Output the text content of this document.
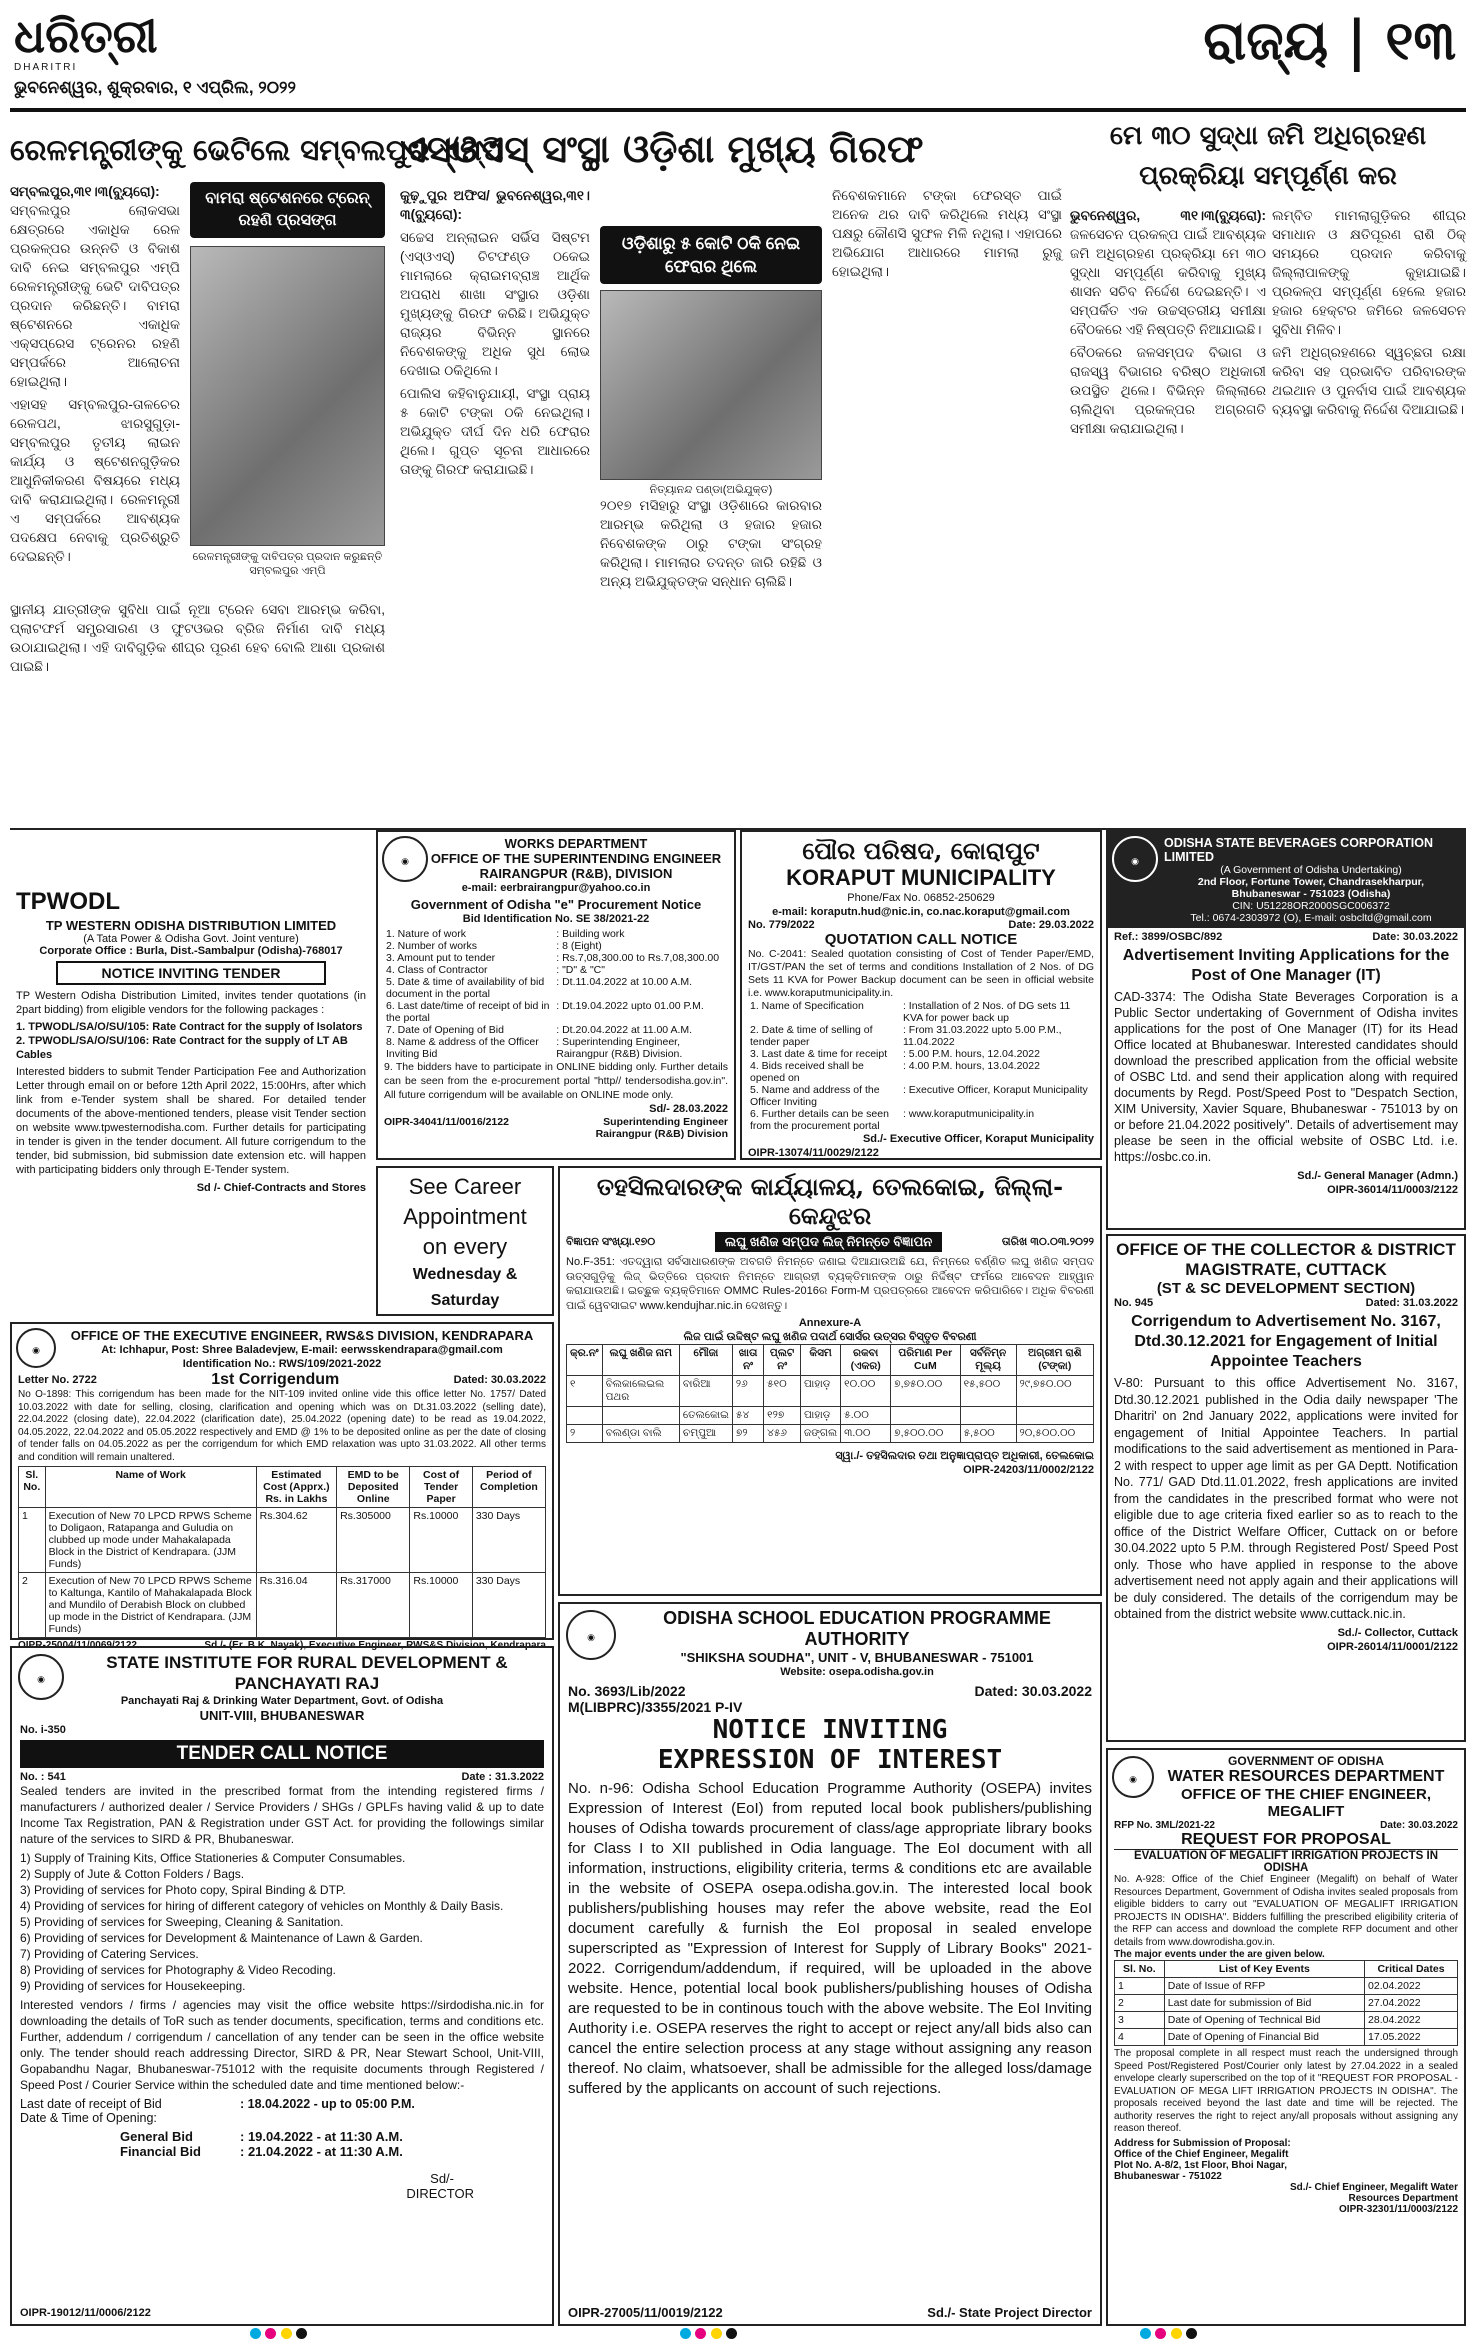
ଧରିତ୍ରୀ
DHARITRI
ଭୁବନେଶ୍ୱର, ଶୁକ୍ରବାର, ୧ ଏପ୍ରିଲ, ୨୦୨୨
ରାଜ୍ୟ | ୧୩
ରେଳମନ୍ତ୍ରୀଙ୍କୁ ଭେଟିଲେ ସମ୍ବଲପୁର ଏମ୍‌ପି

ସମ୍ବଲପୁର,୩୧।୩(ବ୍ୟୁରୋ): ସମ୍ବଲପୁର ଲୋକସଭା କ୍ଷେତ୍ରରେ ଏକାଧିକ ରେଳ ପ୍ରକଳ୍ପର ଉନ୍ନତି ଓ ବିକାଶ ଦାବି ନେଇ ସମ୍ବଲପୁର ଏମ୍‌ପି ରେଳମନ୍ତ୍ରୀଙ୍କୁ ଭେଟି ଦାବିପତ୍ର ପ୍ରଦାନ କରିଛନ୍ତି। ବାମରା ଷ୍ଟେଶନରେ ଏକାଧିକ ଏକ୍ସପ୍ରେସ ଟ୍ରେନର ରହଣି ସମ୍ପର୍କରେ ଆଲୋଚନା ହୋଇଥିଲା।

ଏହାସହ ସମ୍ବଲପୁର-ତାଳଚେର ରେଳପଥ, ଝାରସୁଗୁଡ଼ା-ସମ୍ବଲପୁର ତୃତୀୟ ଲାଇନ କାର୍ଯ୍ୟ ଓ ଷ୍ଟେଶନଗୁଡ଼ିକର ଆଧୁନିକୀକରଣ ବିଷୟରେ ମଧ୍ୟ ଦାବି କରାଯାଇଥିଲା। ରେଳମନ୍ତ୍ରୀ ଏ ସମ୍ପର୍କରେ ଆବଶ୍ୟକ ପଦକ୍ଷେପ ନେବାକୁ ପ୍ରତିଶ୍ରୁତି ଦେଇଛନ୍ତି।

ବାମରା ଷ୍ଟେଶନରେ ଟ୍ରେନ୍ ରହଣି ପ୍ରସଙ୍ଗ
ରେଳମନ୍ତ୍ରୀଙ୍କୁ ଦାବିପତ୍ର ପ୍ରଦାନ କରୁଛନ୍ତି ସମ୍ବଲପୁର ଏମ୍‌ପି

ସ୍ଥାନୀୟ ଯାତ୍ରୀଙ୍କ ସୁବିଧା ପାଇଁ ନୂଆ ଟ୍ରେନ ସେବା ଆରମ୍ଭ କରିବା, ପ୍ଲାଟଫର୍ମ ସମ୍ପ୍ରସାରଣ ଓ ଫୁଟଓଭର ବ୍ରିଜ ନିର୍ମାଣ ଦାବି ମଧ୍ୟ ଉଠାଯାଇଥିଲା। ଏହି ଦାବିଗୁଡ଼ିକ ଶୀଘ୍ର ପୂରଣ ହେବ ବୋଲି ଆଶା ପ୍ରକାଶ ପାଇଛି।

ଏସ୍‌ଓଏସ୍ ସଂସ୍ଥା ଓଡ଼ିଶା ମୁଖ୍ୟ ଗିରଫ

କୁଢ଼ୁପୁର ଅଫିସ/ ଭୁବନେଶ୍ୱର,୩୧।୩(ବ୍ୟୁରୋ):

ସଚ୍ଚେସ ଅନ୍ଲାଇନ ସର୍ଭିସ ସିଷ୍ଟମ (ଏସ୍‌ଓଏସ୍) ଚିଟଫଣ୍ଡ ଠକେଇ ମାମଲାରେ କ୍ରାଇମବ୍ରାଞ୍ଚ ଆର୍ଥିକ ଅପରାଧ ଶାଖା ସଂସ୍ଥାର ଓଡ଼ିଶା ମୁଖ୍ୟଙ୍କୁ ଗିରଫ କରିଛି। ଅଭିଯୁକ୍ତ ରାଜ୍ୟର ବିଭିନ୍ନ ସ୍ଥାନରେ ନିବେଶକଙ୍କୁ ଅଧିକ ସୁଧ ଲୋଭ ଦେଖାଇ ଠକିଥିଲେ।

ପୋଲିସ କହିବାନୁଯାୟୀ, ସଂସ୍ଥା ପ୍ରାୟ ୫ କୋଟି ଟଙ୍କା ଠକି ନେଇଥିଲା। ଅଭିଯୁକ୍ତ ଦୀର୍ଘ ଦିନ ଧରି ଫେରାର ଥିଲେ। ଗୁପ୍ତ ସୂଚନା ଆଧାରରେ ତାଙ୍କୁ ଗିରଫ କରାଯାଇଛି।

ଓଡ଼ିଶାରୁ ୫ କୋଟି ଠକି ନେଇ ଫେରାର ଥିଲେ
ନିତ୍ୟାନନ୍ଦ ପଣ୍ଡା(ଅଭିଯୁକ୍ତ)

୨୦୧୭ ମସିହାରୁ ସଂସ୍ଥା ଓଡ଼ିଶାରେ କାରବାର ଆରମ୍ଭ କରିଥିଲା ଓ ହଜାର ହଜାର ନିବେଶକଙ୍କ ଠାରୁ ଟଙ୍କା ସଂଗ୍ରହ କରିଥିଲା। ମାମଲାର ତଦନ୍ତ ଜାରି ରହିଛି ଓ ଅନ୍ୟ ଅଭିଯୁକ୍ତଙ୍କ ସନ୍ଧାନ ଚାଲିଛି।

ନିବେଶକମାନେ ଟଙ୍କା ଫେରସ୍ତ ପାଇଁ ଅନେକ ଥର ଦାବି କରିଥିଲେ ମଧ୍ୟ ସଂସ୍ଥା ପକ୍ଷରୁ କୌଣସି ସୁଫଳ ମିଳି ନଥିଲା। ଏହାପରେ ଅଭିଯୋଗ ଆଧାରରେ ମାମଲା ରୁଜୁ ହୋଇଥିଲା।

ମେ ୩୦ ସୁଦ୍ଧା ଜମି ଅଧିଗ୍ରହଣ ପ୍ରକ୍ରିୟା ସମ୍ପୂର୍ଣ୍ଣ କର

ଭୁବନେଶ୍ୱର, ୩୧।୩(ବ୍ୟୁରୋ): ଜଳସେଚନ ପ୍ରକଳ୍ପ ପାଇଁ ଆବଶ୍ୟକ ଜମି ଅଧିଗ୍ରହଣ ପ୍ରକ୍ରିୟା ମେ ୩୦ ସୁଦ୍ଧା ସମ୍ପୂର୍ଣ୍ଣ କରିବାକୁ ମୁଖ୍ୟ ଶାସନ ସଚିବ ନିର୍ଦ୍ଦେଶ ଦେଇଛନ୍ତି। ଏ ସମ୍ପର୍କିତ ଏକ ଉଚ୍ଚସ୍ତରୀୟ ସମୀକ୍ଷା ବୈଠକରେ ଏହି ନିଷ୍ପତ୍ତି ନିଆଯାଇଛି।

ବୈଠକରେ ଜଳସମ୍ପଦ ବିଭାଗ ଓ ରାଜସ୍ୱ ବିଭାଗର ବରିଷ୍ଠ ଅଧିକାରୀ ଉପସ୍ଥିତ ଥିଲେ। ବିଭିନ୍ନ ଜିଲ୍ଲାରେ ଚାଲିଥିବା ପ୍ରକଳ୍ପର ଅଗ୍ରଗତି ସମୀକ୍ଷା କରାଯାଇଥିଲା।

ଲମ୍ବିତ ମାମଲାଗୁଡ଼ିକର ଶୀଘ୍ର ସମାଧାନ ଓ କ୍ଷତିପୂରଣ ରାଶି ଠିକ୍ ସମୟରେ ପ୍ରଦାନ କରିବାକୁ ଜିଲ୍ଲାପାଳଙ୍କୁ କୁହାଯାଇଛି। ପ୍ରକଳ୍ପ ସମ୍ପୂର୍ଣ୍ଣ ହେଲେ ହଜାର ହଜାର ହେକ୍ଟର ଜମିରେ ଜଳସେଚନ ସୁବିଧା ମିଳିବ।

ଜମି ଅଧିଗ୍ରହଣରେ ସ୍ୱଚ୍ଛତା ରକ୍ଷା କରିବା ସହ ପ୍ରଭାବିତ ପରିବାରଙ୍କ ଥଇଥାନ ଓ ପୁନର୍ବାସ ପାଇଁ ଆବଶ୍ୟକ ବ୍ୟବସ୍ଥା କରିବାକୁ ନିର୍ଦ୍ଦେଶ ଦିଆଯାଇଛି।

TPWODL
TP WESTERN ODISHA DISTRIBUTION LIMITED
(A Tata Power & Odisha Govt. Joint venture)
Corporate Office : Burla, Dist.-Sambalpur (Odisha)-768017
NOTICE INVITING TENDER
TP Western Odisha Distribution Limited, invites tender quotations (in 2part bidding) from eligible vendors for the following packages :
1. TPWODL/SA/O/SU/105: Rate Contract for the supply of Isolators
2. TPWODL/SA/O/SU/106: Rate Contract for the supply of LT AB Cables
Interested bidders to submit Tender Participation Fee and Authorization Letter through email on or before 12th April 2022, 15:00Hrs, after which link from e-Tender system shall be shared. For detailed tender documents of the above-mentioned tenders, please visit Tender section on website www.tpwesternodisha.com. Further details for participating in tender is given in the tender document. All future corrigendum to the tender, bid submission, bid submission date extension etc. will happen with participating bidders only through E-Tender system.
Sd /- Chief-Contracts and Stores
◉
WORKS DEPARTMENT
OFFICE OF THE SUPERINTENDING ENGINEER RAIRANGPUR (R&B), DIVISION
e-mail: eerbrairangpur@yahoo.co.in
Government of Odisha "e" Procurement Notice
Bid Identification No. SE 38/2021-22
1. Nature of work	: Building work
2. Number of works	: 8 (Eight)
3. Amount put to tender	: Rs.7,08,300.00 to Rs.7,08,300.00
4. Class of Contractor	: "D" & "C"
5. Date & time of availability of bid document in the portal	: Dt.11.04.2022 at 10.00 A.M.
6. Last date/time of receipt of bid in the portal	: Dt.19.04.2022 upto 01.00 P.M.
7. Date of Opening of Bid	: Dt.20.04.2022 at 11.00 A.M.
8. Name & address of the Officer Inviting Bid	: Superintending Engineer, Rairangpur (R&B) Division.
9. The bidders have to participate in ONLINE bidding only. Further details can be seen from the e-procurement portal "http// tendersodisha.gov.in". All future corrigendum will be available on ONLINE mode only.
Sd/- 28.03.2022
OIPR-34041/11/0016/2122	Superintending Engineer Rairangpur (R&B) Division
ପୌର ପରିଷଦ, କୋରାପୁଟ
KORAPUT MUNICIPALITY
Phone/Fax No. 06852-250629
e-mail: koraputn.hud@nic.in, co.nac.koraput@gmail.com
No. 779/2022	Date: 29.03.2022
QUOTATION CALL NOTICE
No. C-2041: Sealed quotation consisting of Cost of Tender Paper/EMD, IT/GST/PAN the set of terms and conditions Installation of 2 Nos. of DG Sets 11 KVA for Power Backup document can be seen in official website i.e. www.koraputmunicipality.in.
1. Name of Specification	: Installation of 2 Nos. of DG sets 11 KVA for power back up
2. Date & time of selling of tender paper	: From 31.03.2022 upto 5.00 P.M., 11.04.2022
3. Last date & time for receipt	: 5.00 P.M. hours, 12.04.2022
4. Bids received shall be opened on	: 4.00 P.M. hours, 13.04.2022
5. Name and address of the Officer Inviting	: Executive Officer, Koraput Municipality
6. Further details can be seen from the procurement portal	: www.koraputmunicipality.in
Sd./- Executive Officer, Koraput Municipality
OIPR-13074/11/0029/2122
◉
ODISHA STATE BEVERAGES CORPORATION LIMITED
(A Government of Odisha Undertaking)
2nd Floor, Fortune Tower, Chandrasekharpur, Bhubaneswar - 751023 (Odisha)
CIN: U51228OR2000SGC006372
Tel.: 0674-2303972 (O), E-mail: osbcltd@gmail.com
Ref.: 3899/OSBC/892	Date: 30.03.2022
Advertisement Inviting Applications for the Post of One Manager (IT)
CAD-3374: The Odisha State Beverages Corporation is a Public Sector undertaking of Government of Odisha invites applications for the post of One Manager (IT) for its Head Office located at Bhubaneswar. Interested candidates should download the prescribed application from the official website of OSBC Ltd. and send their application along with required documents by Regd. Post/Speed Post to "Despatch Section, XIM University, Xavier Square, Bhubaneswar - 751013 by on or before 21.04.2022 positively". Details of advertisement may please be seen in the official website of OSBC Ltd. i.e. https://osbc.co.in.
Sd./- General Manager (Admn.)
OIPR-36014/11/0003/2122
See Career
Appointment
on every
Wednesday & Saturday
ତହସିଲଦାରଙ୍କ କାର୍ଯ୍ୟାଳୟ, ତେଲକୋଇ, ଜିଲ୍ଲା-କେନ୍ଦୁଝର
ବିଜ୍ଞାପନ ସଂଖ୍ୟା.୧୭୦	ଲଘୁ ଖଣିଜ ସମ୍ପଦ ଲିଜ୍ ନିମନ୍ତେ ବିଜ୍ଞାପନ	ତାରିଖ ୩୦.୦୩.୨୦୨୨
No.F-351: ଏତଦ୍ୱାରା ସର୍ବସାଧାରଣଙ୍କ ଅବଗତି ନିମନ୍ତେ ଜଣାଇ ଦିଆଯାଉଅଛି ଯେ, ନିମ୍ନରେ ବର୍ଣ୍ଣିତ ଲଘୁ ଖଣିଜ ସମ୍ପଦ ଉତ୍ସଗୁଡ଼ିକୁ ଲିଜ୍ ଭିତ୍ତିରେ ପ୍ରଦାନ ନିମନ୍ତେ ଆଗ୍ରହୀ ବ୍ୟକ୍ତିମାନଙ୍କ ଠାରୁ ନିର୍ଦ୍ଦିଷ୍ଟ ଫର୍ମରେ ଆବେଦନ ଆହ୍ୱାନ କରାଯାଉଅଛି। ଇଚ୍ଛୁକ ବ୍ୟକ୍ତିମାନେ OMMC Rules-2016ର Form-M ପ୍ରପତ୍ରରେ ଆବେଦନ କରିପାରିବେ। ଅଧିକ ବିବରଣୀ ପାଇଁ ୱେବସାଇଟ www.kendujhar.nic.in ଦେଖନ୍ତୁ।
Annexure-A
ଲିଜ ପାଇଁ ଉଦ୍ଦିଷ୍ଟ ଲଘୁ ଖଣିଜ ପଦାର୍ଥ ସୋର୍ସର ଉତ୍ସର ବିସ୍ତୃତ ବିବରଣୀ
କ୍ର.ନଂ	ଲଘୁ ଖଣିଜ ନାମ	ମୌଜା	ଖାତା ନଂ	ପ୍ଲଟ ନଂ	କିସମ	ରକବା (ଏକର)	ପରିମାଣ Per CuM	ସର୍ବନିମ୍ନ ମୂଲ୍ୟ	ଅଗ୍ରୀମ ରାଶି (ଟଙ୍କା)
୧	ବିଲକାଲେଇଲ ପଥର	ବାରିଆ	୨୬	୫୧୦	ପାହାଡ଼	୧୦.୦୦	୭,୭୫୦.୦୦	୧୫,୫୦୦	୨୯,୭୫୦.୦୦
		ତେଲକୋଇ	୫୪	୧୨୭	ପାହାଡ଼	୫.୦୦			
୨	ବଲଣ୍ଡା ବାଲି	ଚମ୍ପୁଆ	୭୨	୪୫୬	ଜଙ୍ଗଲ	୩.୦୦	୭,୫୦୦.୦୦	୫,୫୦୦	୨୦,୫୦୦.୦୦
ସ୍ୱା./- ତହସିଲଦାର ତଥା ଅନୁଜ୍ଞାପ୍ରାପ୍ତ ଅଧିକାରୀ, ତେଲକୋଇ
OIPR-24203/11/0002/2122
OFFICE OF THE COLLECTOR & DISTRICT MAGISTRATE, CUTTACK
(ST & SC DEVELOPMENT SECTION)
No. 945	Dated: 31.03.2022
Corrigendum to Advertisement No. 3167, Dtd.30.12.2021 for Engagement of Initial Appointee Teachers
V-80: Pursuant to this office Advertisement No. 3167, Dtd.30.12.2021 published in the Odia daily newspaper 'The Dharitri' on 2nd January 2022, applications were invited for engagement of Initial Appointee Teachers. In partial modifications to the said advertisement as mentioned in Para-2 with respect to upper age limit as per GA Deptt. Notification No. 771/ GAD Dtd.11.01.2022, fresh applications are invited from the candidates in the prescribed format who were not eligible due to age criteria fixed earlier so as to reach to the office of the District Welfare Officer, Cuttack on or before 30.04.2022 upto 5 P.M. through Registered Post/ Speed Post only. Those who have applied in response to the above advertisement need not apply again and their applications will be duly considered. The details of the corrigendum may be obtained from the district website www.cuttack.nic.in.
Sd./- Collector, Cuttack
OIPR-26014/11/0001/2122
◉
OFFICE OF THE EXECUTIVE ENGINEER, RWS&S DIVISION, KENDRAPARA
At: Ichhapur, Post: Shree Baladevjew, E-mail: eerwsskendrapara@gmail.com
Identification No.: RWS/109/2021-2022
Letter No. 2722	1st Corrigendum	Dated: 30.03.2022
No O-1898: This corrigendum has been made for the NIT-109 invited online vide this office letter No. 1757/ Dated 10.03.2022 with date for selling, closing, clarification and opening which was on Dt.31.03.2022 (selling date), 22.04.2022 (closing date), 22.04.2022 (clarification date), 25.04.2022 (opening date) to be read as 19.04.2022, 04.05.2022, 22.04.2022 and 05.05.2022 respectively and EMD @ 1% to be deposited online as per the date of closing of tender falls on 04.05.2022 as per the corrigendum for which EMD relaxation was upto 31.03.2022. All other terms and condition will remain unaltered.
Sl. No.	Name of Work	Estimated Cost (Apprx.) Rs. in Lakhs	EMD to be Deposited Online	Cost of Tender Paper	Period of Completion
1	Execution of New 70 LPCD RPWS Scheme to Doligaon, Ratapanga and Guludia on clubbed up mode under Mahakalapada Block in the District of Kendrapara. (JJM Funds)	Rs.304.62	Rs.305000	Rs.10000	330 Days
2	Execution of New 70 LPCD RPWS Scheme to Kaltunga, Kantilo of Mahakalapada Block and Mundilo of Derabish Block on clubbed up mode in the District of Kendrapara. (JJM Funds)	Rs.316.04	Rs.317000	Rs.10000	330 Days
OIPR-25004/11/0069/2122	Sd./- (Er. B.K. Nayak), Executive Engineer, RWS&S Division, Kendrapara
◉
STATE INSTITUTE FOR RURAL DEVELOPMENT & PANCHAYATI RAJ
Panchayati Raj & Drinking Water Department, Govt. of Odisha
UNIT-VIII, BHUBANESWAR
No. i-350
TENDER CALL NOTICE
No. : 541	Date : 31.3.2022
Sealed tenders are invited in the prescribed format from the intending registered firms / manufacturers / authorized dealer / Service Providers / SHGs / GPLFs having valid & up to date Income Tax Registration, PAN & Registration under GST Act. for providing the followings similar nature of the services to SIRD & PR, Bhubaneswar.
1) Supply of Training Kits, Office Stationeries & Computer Consumables.
2) Supply of Jute & Cotton Folders / Bags.
3) Providing of services for Photo copy, Spiral Binding & DTP.
4) Providing of services for hiring of different category of vehicles on Monthly & Daily Basis.
5) Providing of services for Sweeping, Cleaning & Sanitation.
6) Providing of services for Development & Maintenance of Lawn & Garden.
7) Providing of Catering Services.
8) Providing of services for Photography & Video Recoding.
9) Providing of services for Housekeeping.
Interested vendors / firms / agencies may visit the office website https://sirdodisha.nic.in for downloading the details of ToR such as tender documents, specification, terms and conditions etc. Further, addendum / corrigendum / cancellation of any tender can be seen in the office website only. The tender should reach addressing Director, SIRD & PR, Near Stewart School, Unit-VIII, Gopabandhu Nagar, Bhubaneswar-751012 with the requisite documents through Registered / Speed Post / Courier Service within the scheduled date and time mentioned below:-
Last date of receipt of Bid	: 18.04.2022 - up to 05:00 P.M.
Date & Time of Opening:
General Bid	: 19.04.2022 - at 11:30 A.M.
Financial Bid	: 21.04.2022 - at 11:30 A.M.
Sd/-
DIRECTOR
OIPR-19012/11/0006/2122
◉
ODISHA SCHOOL EDUCATION PROGRAMME AUTHORITY
"SHIKSHA SOUDHA", UNIT - V, BHUBANESWAR - 751001
Website: osepa.odisha.gov.in
No. 3693/Lib/2022	Dated: 30.03.2022
M(LIBPRC)/3355/2021 P-IV
NOTICE INVITING
EXPRESSION OF INTEREST
No. n-96: Odisha School Education Programme Authority (OSEPA) invites Expression of Interest (EoI) from reputed local book publishers/publishing houses of Odisha towards procurement of class/age appropriate library books for Class I to XII published in Odia language. The EoI document with all information, instructions, eligibility criteria, terms & conditions etc are available in the website of OSEPA osepa.odisha.gov.in. The interested local book publishers/publishing houses may refer the above website, read the EoI document carefully & furnish the EoI proposal in sealed envelope superscripted as "Expression of Interest for Supply of Library Books" 2021-2022. Corrigendum/addendum, if required, will be uploaded in the above website. Hence, potential local book publishers/publishing houses of Odisha are requested to be in continous touch with the above website. The EoI Inviting Authority i.e. OSEPA reserves the right to accept or reject any/all bids also can cancel the entire selection process at any stage without assigning any reason thereof. No claim, whatsoever, shall be admissible for the alleged loss/damage suffered by the applicants on account of such rejections.
OIPR-27005/11/0019/2122	Sd./- State Project Director
◉
GOVERNMENT OF ODISHA
WATER RESOURCES DEPARTMENT
OFFICE OF THE CHIEF ENGINEER, MEGALIFT
RFP No. 3ML/2021-22	Date: 30.03.2022
REQUEST FOR PROPOSAL
EVALUATION OF MEGALIFT IRRIGATION PROJECTS IN ODISHA
No. A-928: Office of the Chief Engineer (Megalift) on behalf of Water Resources Department, Government of Odisha invites sealed proposals from eligible bidders to carry out "EVALUATION OF MEGALIFT IRRIGATION PROJECTS IN ODISHA". Bidders fulfilling the prescribed eligibility criteria of the RFP can access and download the complete RFP document and other details from www.dowrodisha.gov.in.
The major events under the are given below.
Sl. No.	List of Key Events	Critical Dates
1	Date of Issue of RFP	02.04.2022
2	Last date for submission of Bid	27.04.2022
3	Date of Opening of Technical Bid	28.04.2022
4	Date of Opening of Financial Bid	17.05.2022
The proposal complete in all respect must reach the undersigned through Speed Post/Registered Post/Courier only latest by 27.04.2022 in a sealed envelope clearly superscribed on the top of it "REQUEST FOR PROPOSAL - EVALUATION OF MEGA LIFT IRRIGATION PROJECTS IN ODISHA". The proposals received beyond the last date and time will be rejected. The authority reserves the right to reject any/all proposals without assigning any reason thereof.
Address for Submission of Proposal:
Office of the Chief Engineer, Megalift Plot No. A-8/2, 1st Floor, Bhoi Nagar, Bhubaneswar - 751022
Sd./- Chief Engineer, Megalift Water Resources Department
OIPR-32301/11/0003/2122
